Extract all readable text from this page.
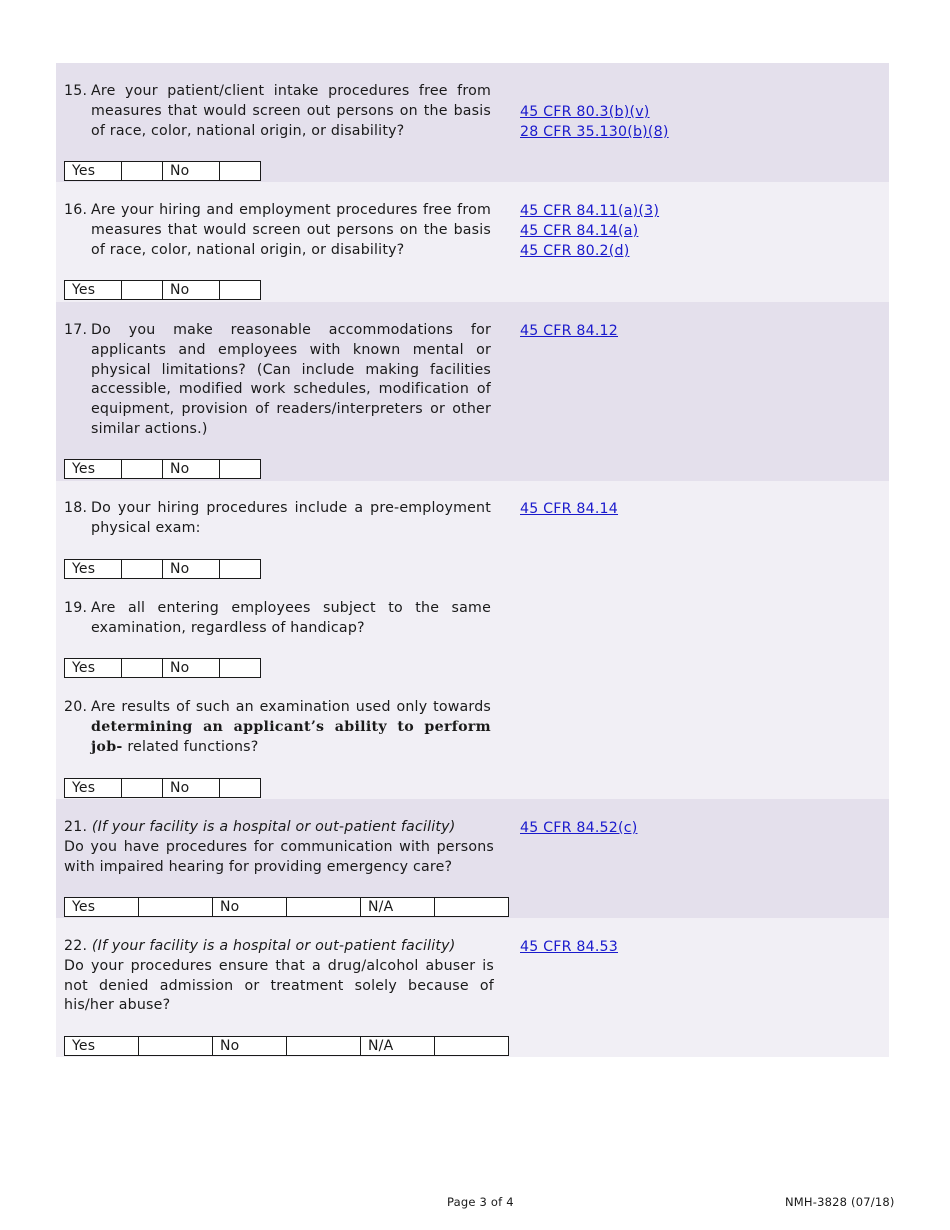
15. Are your patient/client intake procedures free from measures that would screen out persons on the basis of race, color, national origin, or disability?
45 CFR 80.3(b)(v)
28 CFR 35.130(b)(8)
Yes		No	
16. Are your hiring and employment procedures free from measures that would screen out persons on the basis of race, color, national origin, or disability?
45 CFR 84.11(a)(3)
45 CFR 84.14(a)
45 CFR 80.2(d)
Yes		No	
17. Do you make reasonable accommodations for applicants and employees with known mental or physical limitations? (Can include making facilities accessible, modified work schedules, modification of equipment, provision of readers/interpreters or other similar actions.)
45 CFR 84.12
Yes		No	
18. Do your hiring procedures include a pre-employment physical exam:
45 CFR 84.14
Yes		No	
19. Are all entering employees subject to the same examination, regardless of handicap?
Yes		No	
20. Are results of such an examination used only towards determining an applicant’s ability to perform job- related functions?
Yes		No	
21. (If your facility is a hospital or out-patient facility)
Do you have procedures for communication with persons with impaired hearing for providing emergency care?
45 CFR 84.52(c)
Yes		No		N/A	
22. (If your facility is a hospital or out-patient facility)
Do your procedures ensure that a drug/alcohol abuser is not denied admission or treatment solely because of his/her abuse?
45 CFR 84.53
Yes		No		N/A	
Page 3 of 4	NMH-3828 (07/18)
